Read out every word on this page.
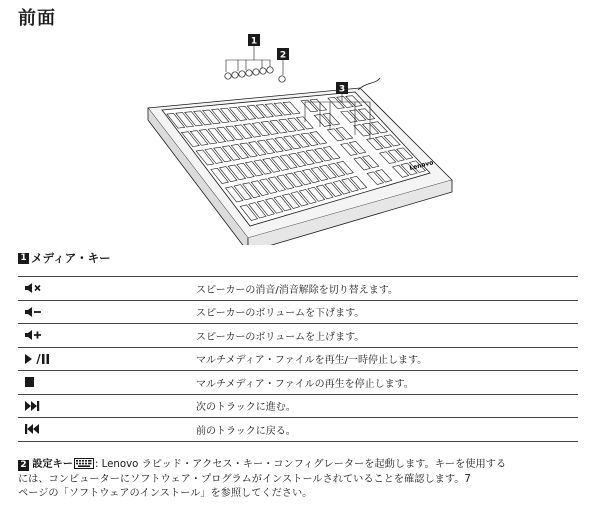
前面
1
2
3
Lenovo
1 メディア・キー
	スピーカーの消音/消音解除を切り替えます。
	スピーカーのボリュームを下げます。
	スピーカーのボリュームを上げます。
	マルチメディア・ファイルを再生/一時停止します。
	マルチメディア・ファイルの再生を停止します。
	次のトラックに進む。
	前のトラックに戻る。
2 設定キー : Lenovo ラピッド・アクセス・キー・コンフィグレーターを起動します。キーを使用する
には、コンピューターにソフトウェア・プログラムがインストールされていることを確認します。7
ページの「ソフトウェアのインストール」を参照してください。
